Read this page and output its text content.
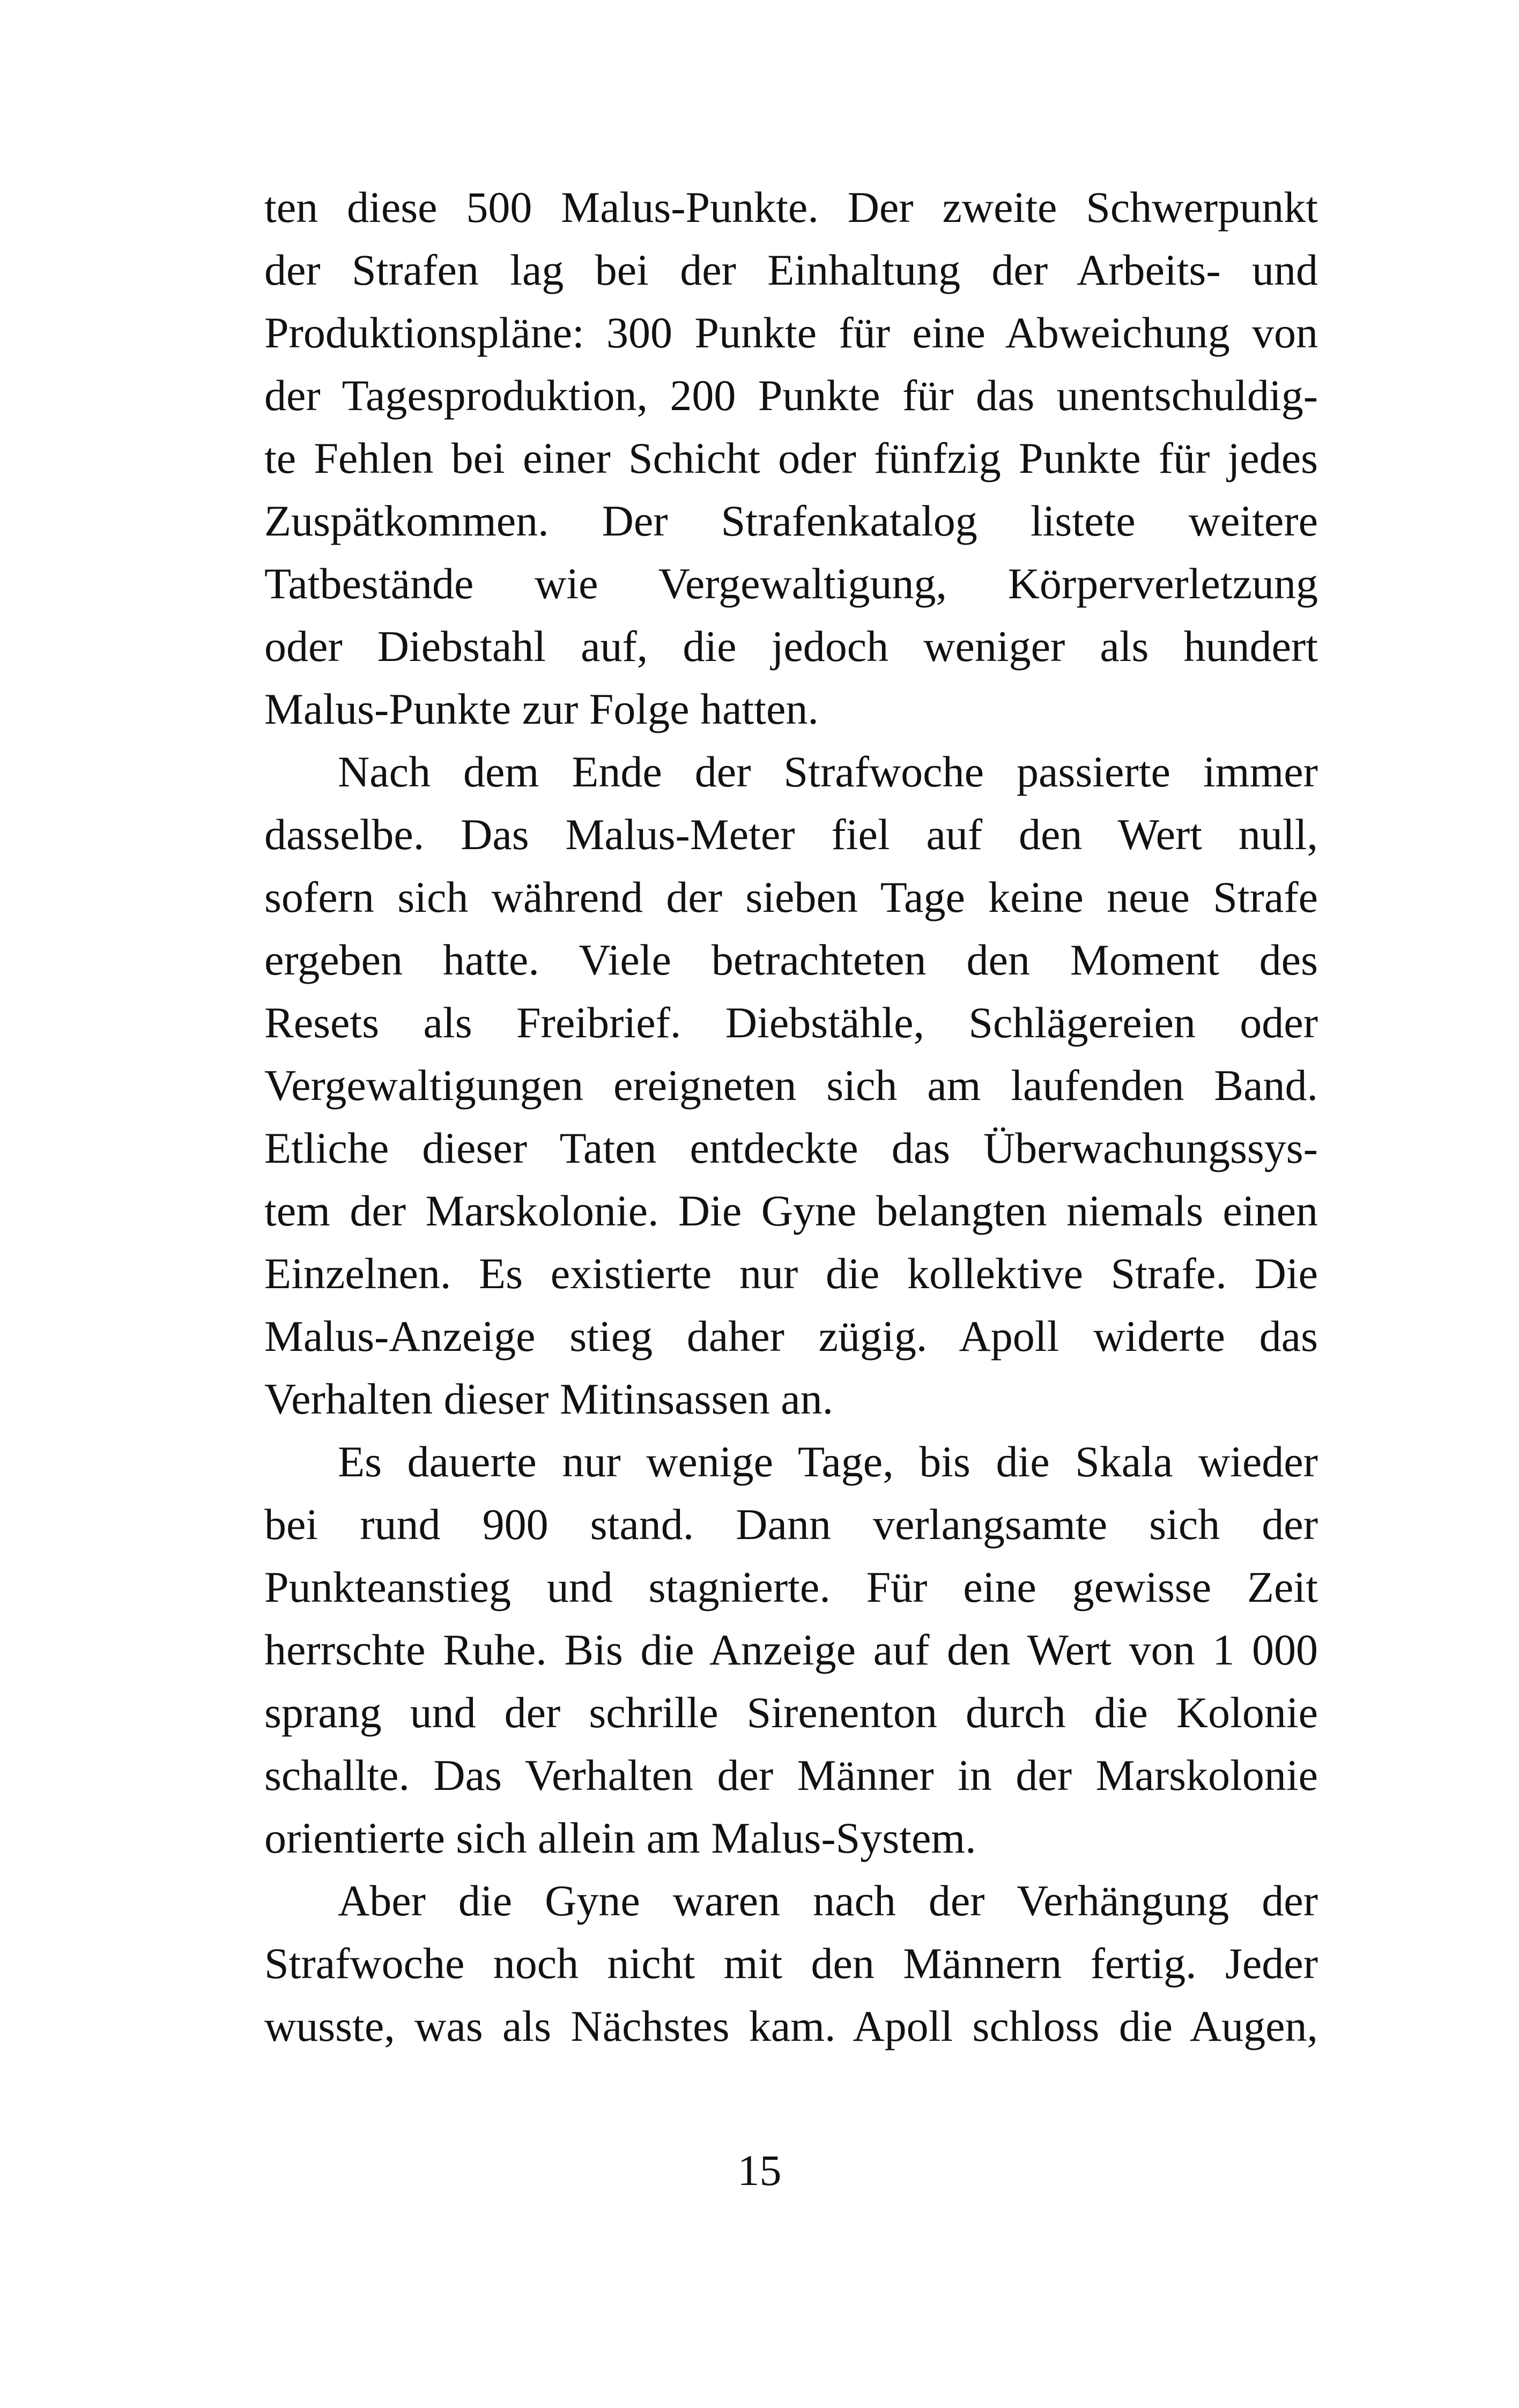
ten diese 500 Malus-Punkte. Der zweite Schwerpunkt
der Strafen lag bei der Einhaltung der Arbeits- und
Produktionspläne: 300 Punkte für eine Abweichung von
der Tagesproduktion, 200 Punkte für das unentschuldig-
te Fehlen bei einer Schicht oder fünfzig Punkte für jedes
Zuspätkommen. Der Strafenkatalog listete weitere
Tatbestände wie Vergewaltigung, Körperverletzung
oder Diebstahl auf, die jedoch weniger als hundert
Malus-Punkte zur Folge hatten.
Nach dem Ende der Strafwoche passierte immer
dasselbe. Das Malus-Meter fiel auf den Wert null,
sofern sich während der sieben Tage keine neue Strafe
ergeben hatte. Viele betrachteten den Moment des
Resets als Freibrief. Diebstähle, Schlägereien oder
Vergewaltigungen ereigneten sich am laufenden Band.
Etliche dieser Taten entdeckte das Überwachungssys-
tem der Marskolonie. Die Gyne belangten niemals einen
Einzelnen. Es existierte nur die kollektive Strafe. Die
Malus-Anzeige stieg daher zügig. Apoll widerte das
Verhalten dieser Mitinsassen an.
Es dauerte nur wenige Tage, bis die Skala wieder
bei rund 900 stand. Dann verlangsamte sich der
Punkteanstieg und stagnierte. Für eine gewisse Zeit
herrschte Ruhe. Bis die Anzeige auf den Wert von 1 000
sprang und der schrille Sirenenton durch die Kolonie
schallte. Das Verhalten der Männer in der Marskolonie
orientierte sich allein am Malus-System.
Aber die Gyne waren nach der Verhängung der
Strafwoche noch nicht mit den Männern fertig. Jeder
wusste, was als Nächstes kam. Apoll schloss die Augen,
15
